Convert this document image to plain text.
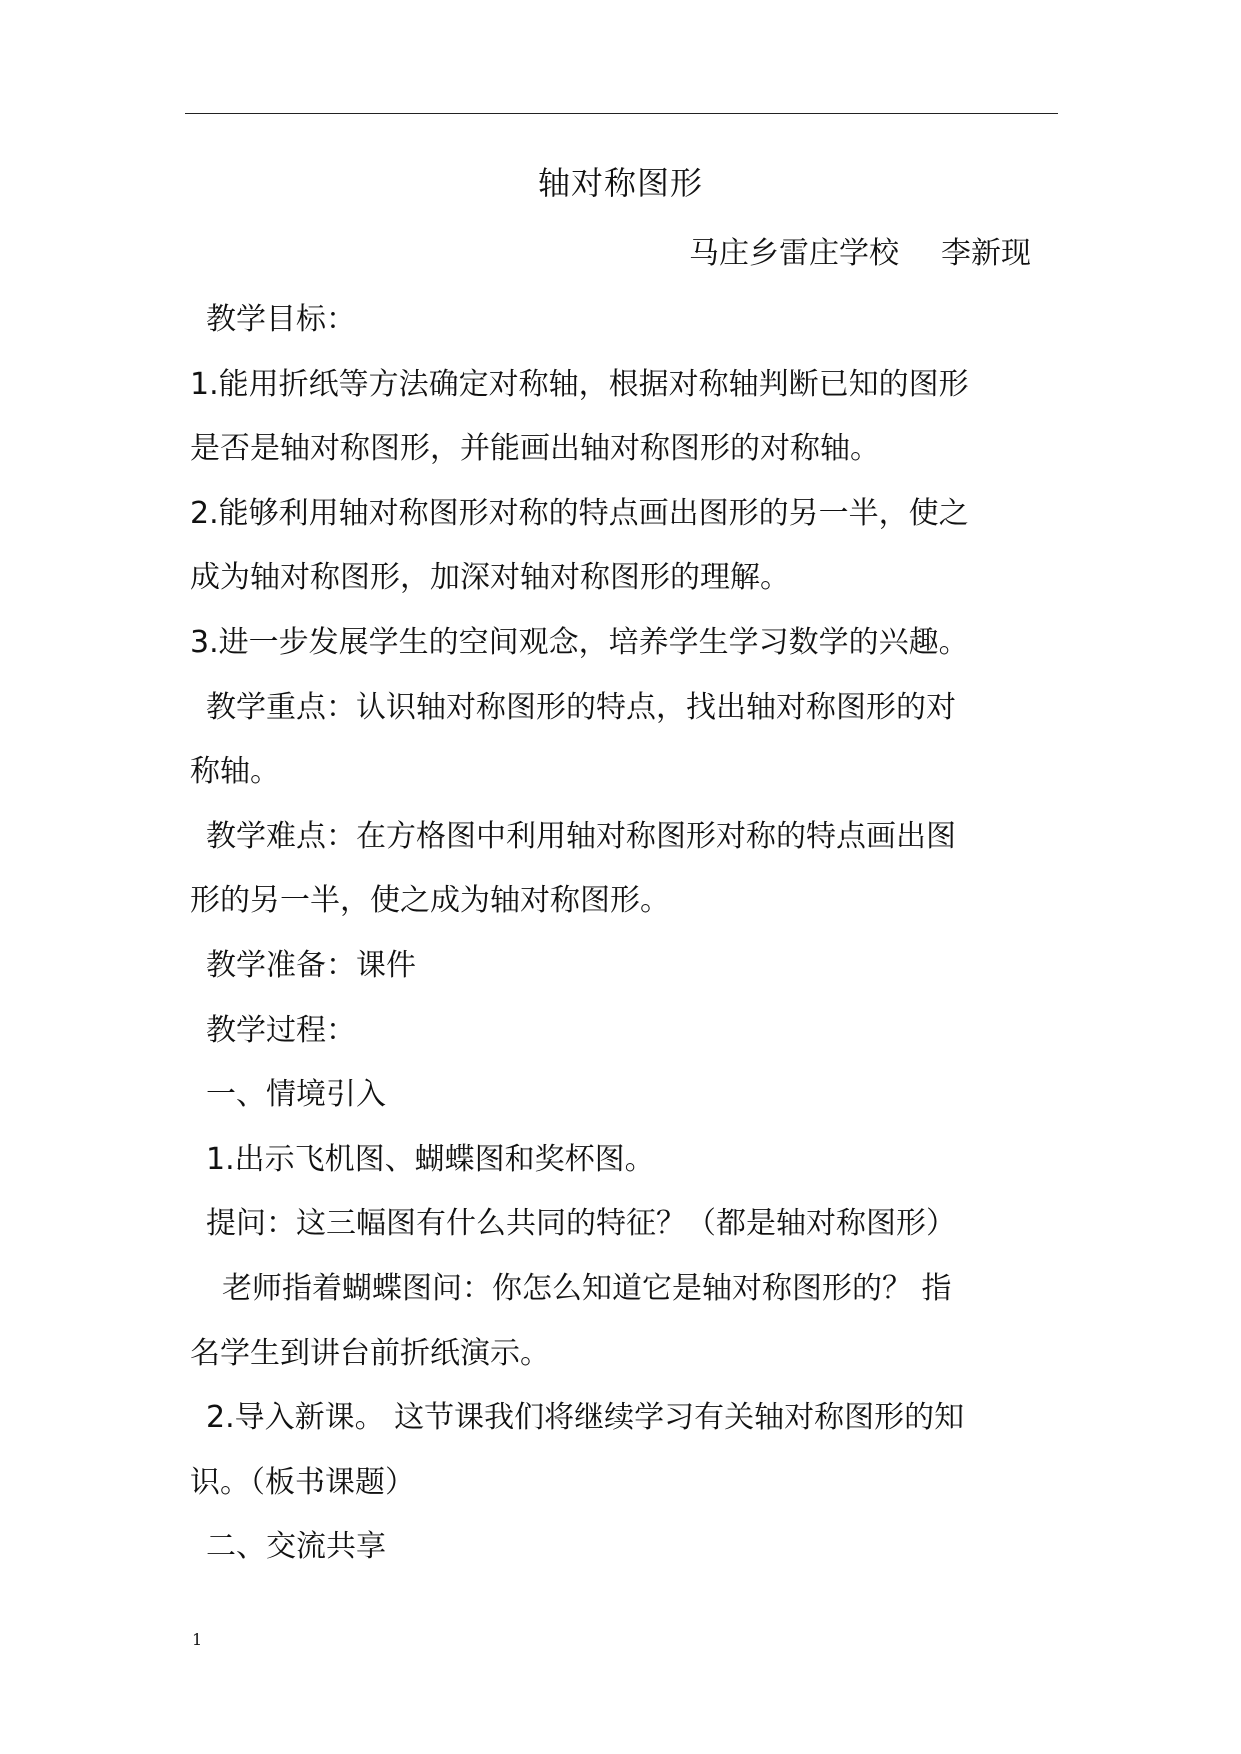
轴对称图形
马庄乡雷庄学校 李新现

教学目标：

1.能用折纸等方法确定对称轴，根据对称轴判断已知的图形

是否是轴对称图形，并能画出轴对称图形的对称轴。

2.能够利用轴对称图形对称的特点画出图形的另一半，使之

成为轴对称图形，加深对轴对称图形的理解。

3.进一步发展学生的空间观念，培养学生学习数学的兴趣。

教学重点：认识轴对称图形的特点，找出轴对称图形的对

称轴。

教学难点：在方格图中利用轴对称图形对称的特点画出图

形的另一半，使之成为轴对称图形。

教学准备：课件

教学过程：

一、情境引入

1.出示飞机图、蝴蝶图和奖杯图。

提问：这三幅图有什么共同的特征？（都是轴对称图形）

老师指着蝴蝶图问：你怎么知道它是轴对称图形的？ 指

名学生到讲台前折纸演示。

2.导入新课。 这节课我们将继续学习有关轴对称图形的知

识。（板书课题）

二、交流共享

1
